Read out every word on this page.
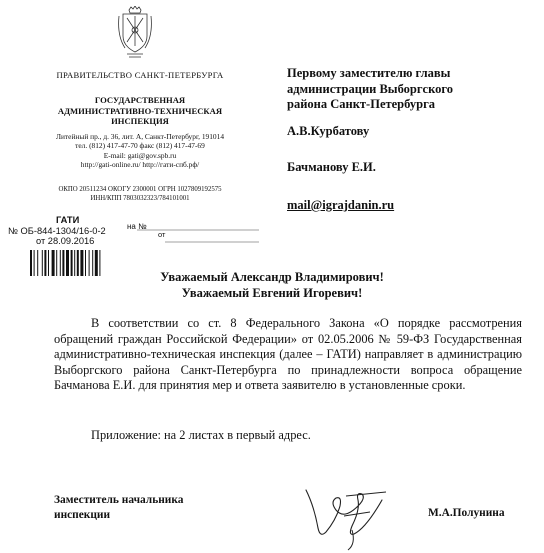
ПРАВИТЕЛЬСТВО САНКТ-ПЕТЕРБУРГА
ГОСУДАРСТВЕННАЯ
АДМИНИСТРАТИВНО-ТЕХНИЧЕСКАЯ
ИНСПЕКЦИЯ
Литейный пр., д. 36, лит. А, Санкт-Петербург, 191014
тел. (812) 417-47-70 факс (812) 417-47-69
E-mail: gati@gov.spb.ru
http://gati-online.ru/ http://гати-спб.рф/
ОКПО 20511234 ОКОГУ 2300001 ОГРН 1027809192575
ИНН/КПП 7803032323/784101001
ГАТИ
№ ОБ-844-1304/16-0-2
от 28.09.2016
на №
от
Первому заместителю главы
администрации Выборгского
района Санкт-Петербурга
А.В.Курбатову
Бачманову Е.И.
mail@igrajdanin.ru
Уважаемый Александр Владимирович!
Уважаемый Евгений Игоревич!
В соответствии со ст. 8 Федерального Закона «О порядке рассмотрения обращений граждан Российской Федерации» от 02.05.2006 № 59-ФЗ Государственная административно-техническая инспекция (далее – ГАТИ) направляет в администрацию Выборгского района Санкт-Петербурга по принадлежности вопроса обращение Бачманова Е.И. для принятия мер и ответа заявителю в установленные сроки.
Приложение: на 2 листах в первый адрес.
Заместитель начальника
инспекции	М.А.Полунина
